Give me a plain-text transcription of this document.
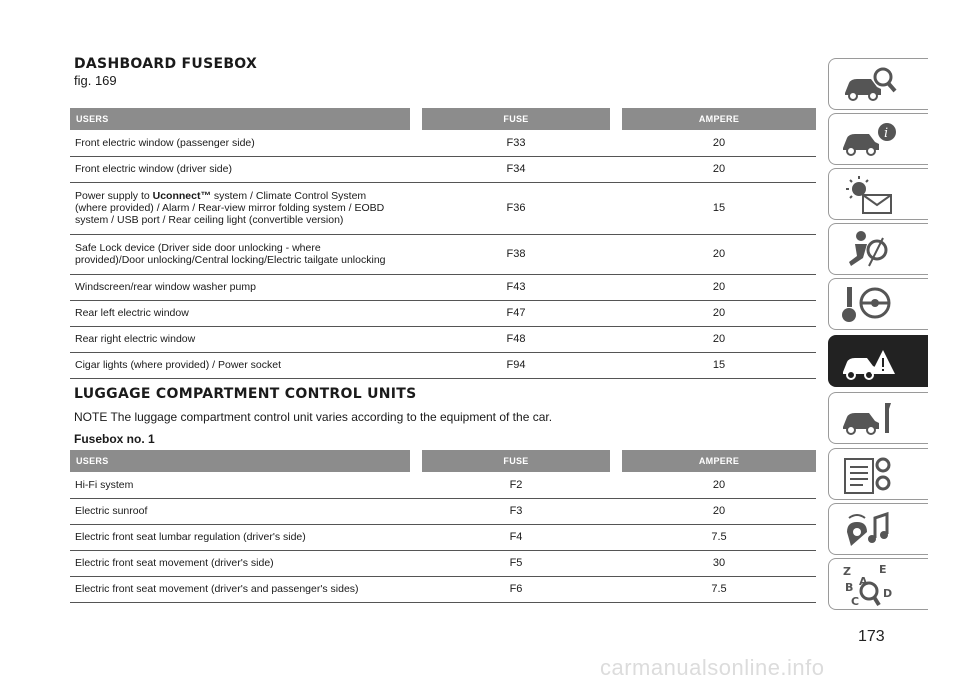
DASHBOARD FUSEBOX
fig. 169
USERS		FUSE		AMPERE
Front electric window (passenger side)		F33		20
Front electric window (driver side)		F34		20
Power supply to Uconnect™ system / Climate Control System
(where provided) / Alarm / Rear-view mirror folding system / EOBD
system / USB port / Rear ceiling light (convertible version)		F36		15
Safe Lock device (Driver side door unlocking - where
provided)/Door unlocking/Central locking/Electric tailgate unlocking		F38		20
Windscreen/rear window washer pump		F43		20
Rear left electric window		F47		20
Rear right electric window		F48		20
Cigar lights (where provided) / Power socket		F94		15
LUGGAGE COMPARTMENT CONTROL UNITS
NOTE The luggage compartment control unit varies according to the equipment of the car.
Fusebox no. 1
USERS		FUSE		AMPERE
Hi-Fi system		F2		20
Electric sunroof		F3		20
Electric front seat lumbar regulation (driver's side)		F4		7.5
Electric front seat movement (driver's side)		F5		30
Electric front seat movement (driver's and passenger's sides)		F6		7.5
i
Z	E
A
B
C
D
173
carmanualsonline.info
